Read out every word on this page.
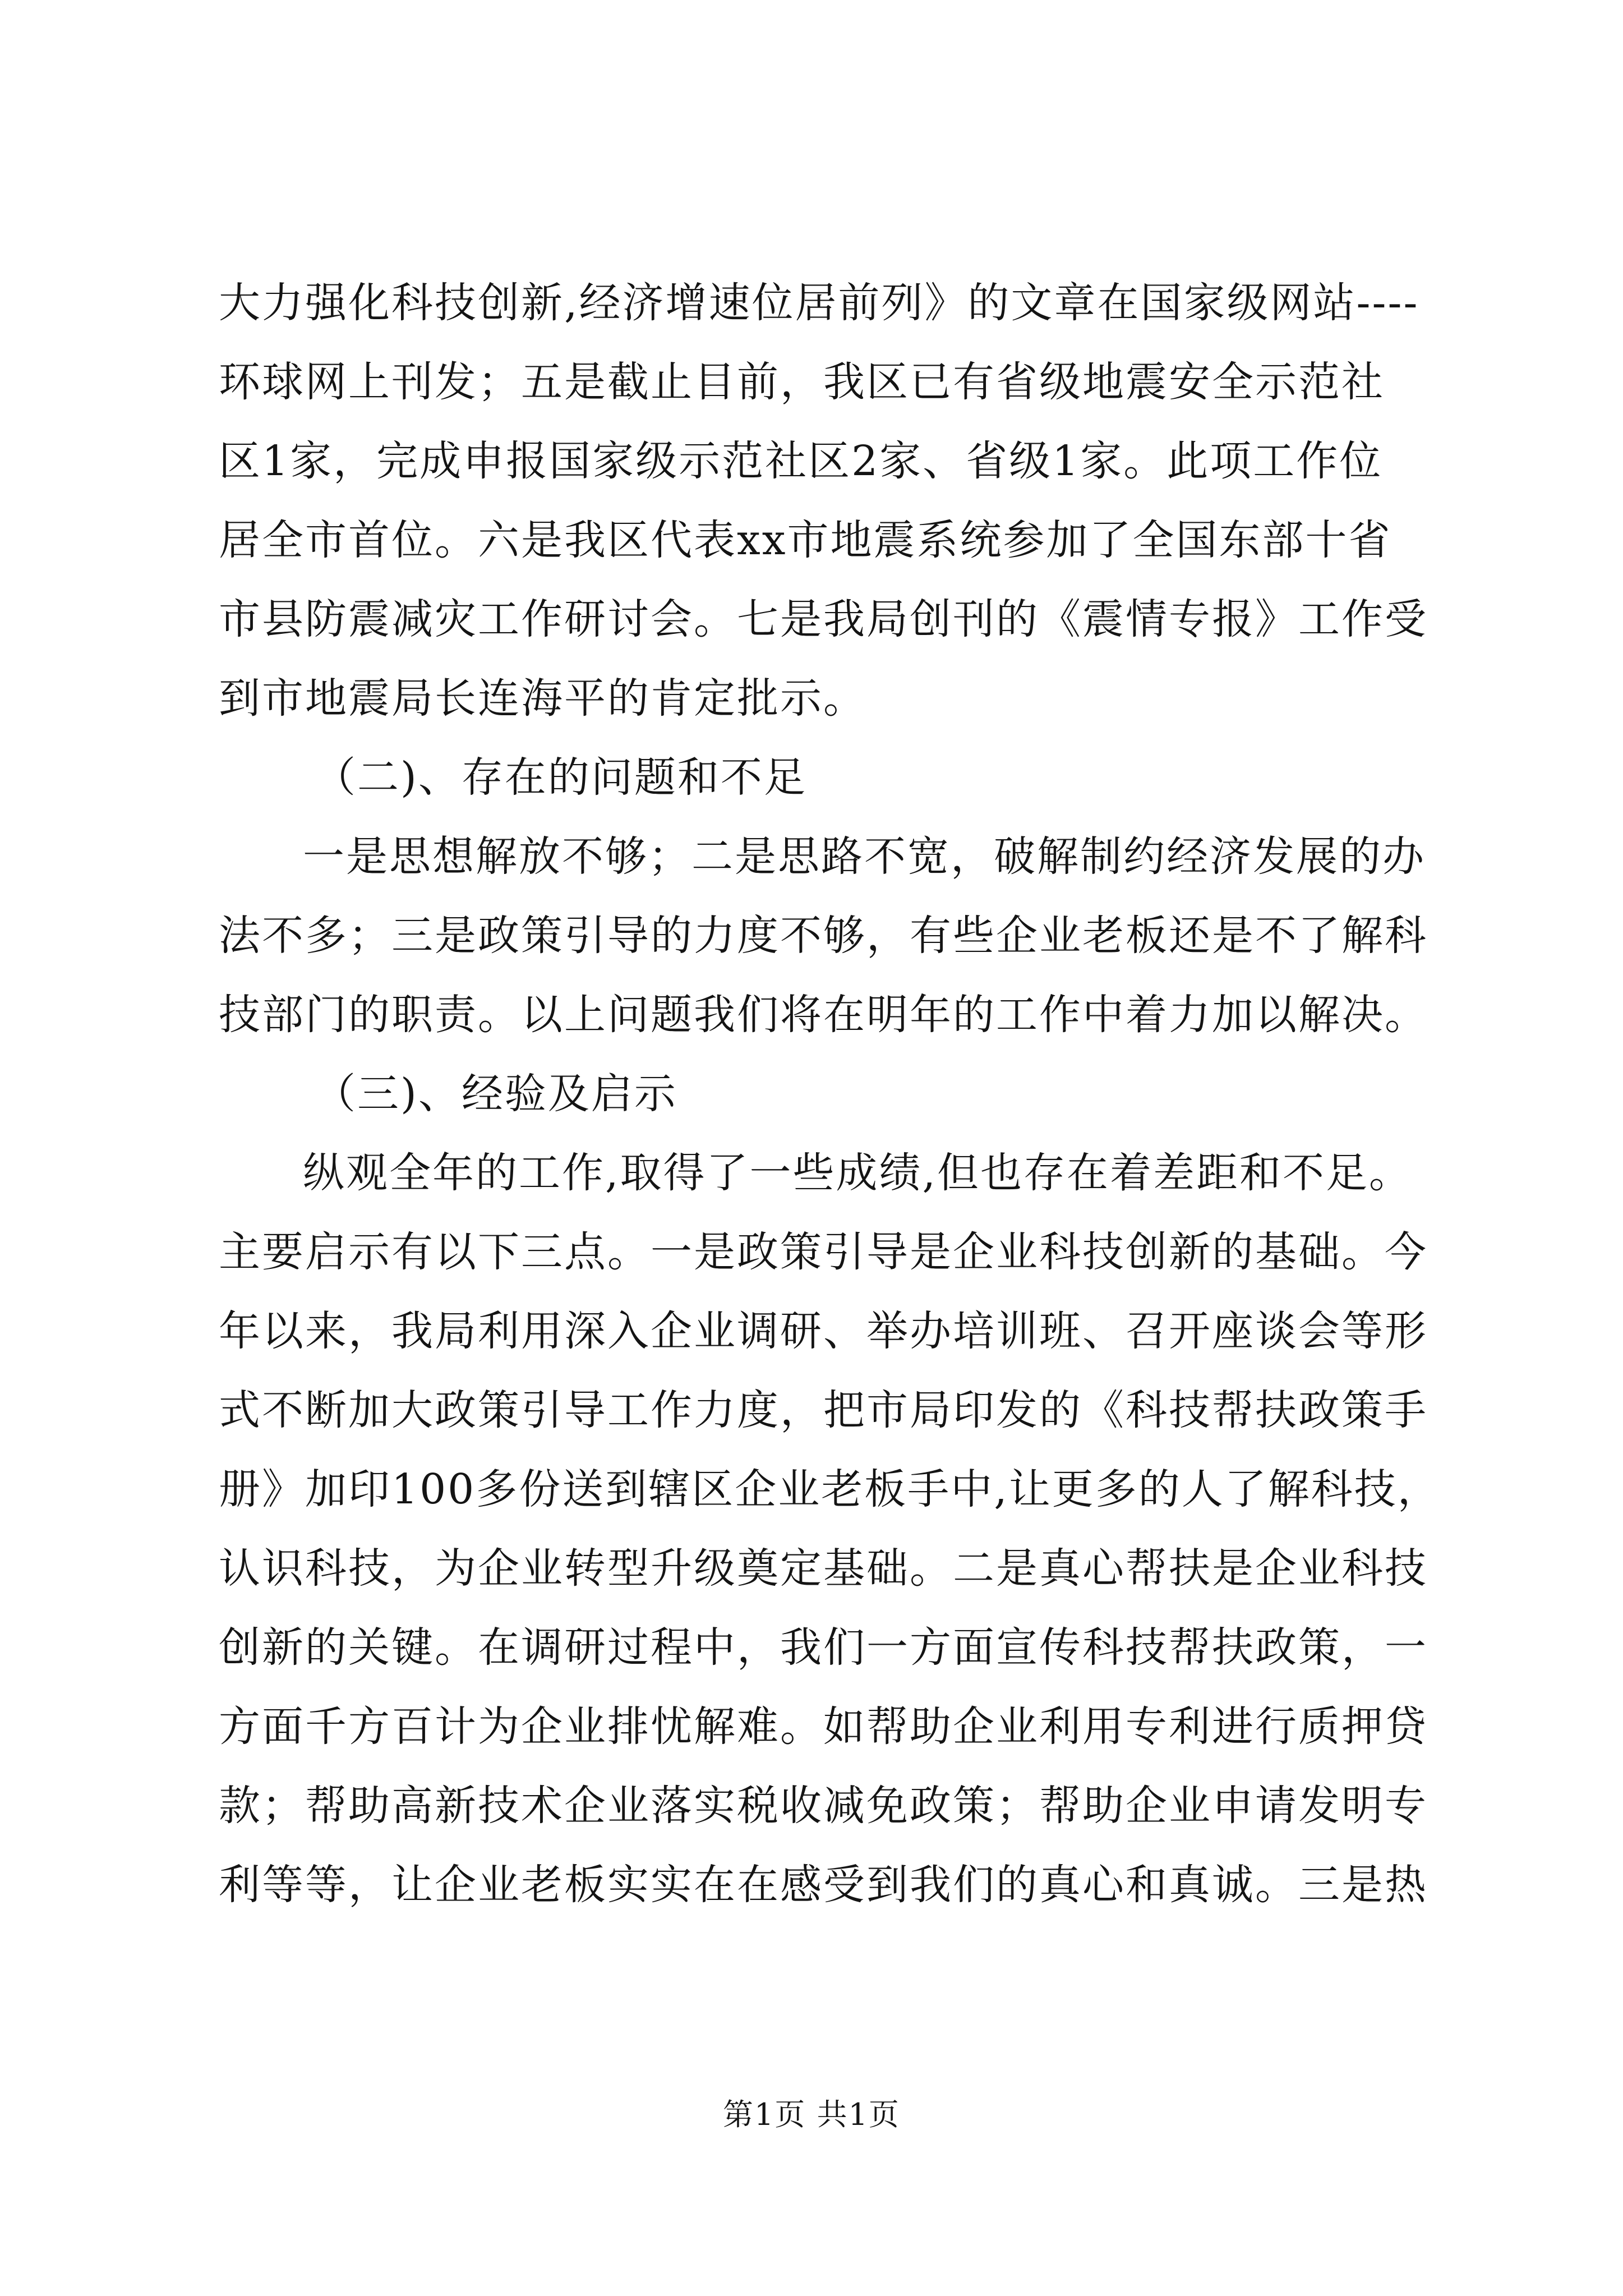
大力强化科技创新,经济增速位居前列》的文章在国家级网站----
环球网上刊发；五是截止目前，我区已有省级地震安全示范社
区1家，完成申报国家级示范社区2家、省级1家。此项工作位
居全市首位。六是我区代表xx市地震系统参加了全国东部十省
市县防震减灾工作研讨会。七是我局创刊的《震情专报》工作受
到市地震局长连海平的肯定批示。
（二)、存在的问题和不足
一是思想解放不够；二是思路不宽，破解制约经济发展的办
法不多；三是政策引导的力度不够，有些企业老板还是不了解科
技部门的职责。以上问题我们将在明年的工作中着力加以解决。
（三)、经验及启示
纵观全年的工作,取得了一些成绩,但也存在着差距和不足。
主要启示有以下三点。一是政策引导是企业科技创新的基础。今
年以来，我局利用深入企业调研、举办培训班、召开座谈会等形
式不断加大政策引导工作力度，把市局印发的《科技帮扶政策手
册》加印100多份送到辖区企业老板手中,让更多的人了解科技，
认识科技，为企业转型升级奠定基础。二是真心帮扶是企业科技
创新的关键。在调研过程中，我们一方面宣传科技帮扶政策，一
方面千方百计为企业排忧解难。如帮助企业利用专利进行质押贷
款；帮助高新技术企业落实税收减免政策；帮助企业申请发明专
利等等，让企业老板实实在在感受到我们的真心和真诚。三是热
第1页 共1页
